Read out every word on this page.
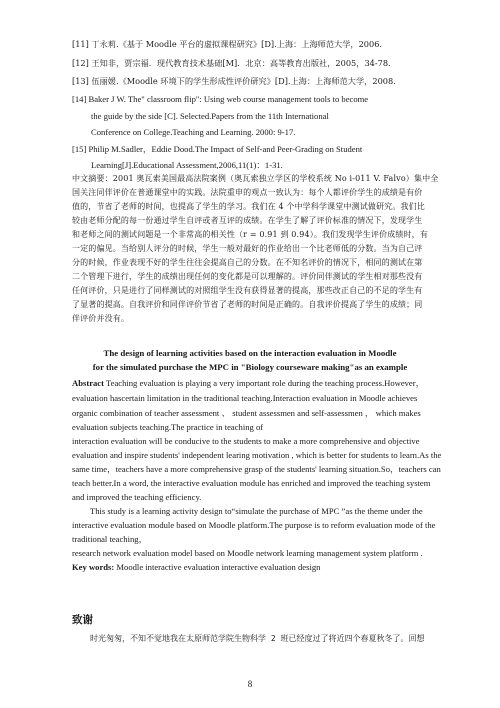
[11] 丁永莉.《基于 Moodle 平台的虚拟课程研究》[D].上海：上海师范大学，2006.
[12] 王知非，贾宗福．现代教育技术基础[M]．北京：高等教育出版社，2005，34-78.
[13] 伍丽媛.《Moodle 环境下的学生形成性评价研究》[D].上海：上海师范大学，2008.
[14] Baker J W. The" classroom flip": Using web course management tools to become
the guide by the side [C]. Selected.Papers from the 11th International
Conference on College.Teaching and Learning. 2000: 9-17.
[15] Philip M.Sadler，Eddie Dood.The Impact of Self-and Peer-Grading on Student
Learning[J].Educational Assessment,2006,11(1)：1-31.
中文摘要：2001 奥瓦索美国最高法院案例（奥瓦索独立学区的学校系统 No i-011 V. Falvo）集中全
国关注同伴评价在普通课堂中的实践。法院重申的观点一致认为：每个人都评价学生的成绩是有价
值的，节省了老师的时间，也提高了学生的学习。我们在 4 个中学科学课堂中测试做研究。我们比
较由老师分配的每一份通过学生自评或者互评的成绩。在学生了解了评价标准的情况下，发现学生
和老师之间的测试问题是一个非常高的相关性（r = 0.91 到 0.94）。我们发现学生评价成绩时，有
一定的偏见。当给别人评分的时候，学生一般对最好的作业给出一个比老师低的分数。当为自己评
分的时候，作业表现不好的学生往往会提高自己的分数。在不知名评价的情况下，相同的测试在第
二个管理下进行，学生的成绩出现任何的变化都是可以理解的。评价同伴测试的学生相对那些没有
任何评价，只是进行了同样测试的对照组学生没有获得显著的提高，那些改正自己的不足的学生有
了显著的提高。自我评价和同伴评价节省了老师的时间是正确的。自我评价提高了学生的成绩；同
伴评价并没有。
The design of learning activities based on the interaction evaluation in Moodle
for the simulated purchase the MPC in "Biology courseware making"as an example
Abstract Teaching evaluation is playing a very important role during the teaching process.However，
evaluation hascertain limitation in the traditional teaching.Interaction evaluation in Moodle achieves
organic combination of teacher assessment 、 student assessmen and self-assessmen ， which makes
evaluation subjects teaching.The practice in teaching of
interaction evaluation will be conducive to the students to make a more comprehensive and objective
evaluation and inspire students' independent learing motivation , which is better for students to learn.As the
same time，teachers have a more comprehensive grasp of the students' learning situation.So，teachers can
teach better.In a word, the interactive evaluation module has enriched and improved the teaching system
and improved the teaching efficiency.
This study is a learning activity design to“simulate the purchase of MPC ”as the theme under the
interactive evaluation module based on Moodle platform.The purpose is to reform evaluation mode of the
traditional teaching，
research network evaluation model based on Moodle network learning management system platform .
Key words: Moodle interactive evaluation interactive evaluation design
致谢
时光匆匆，不知不觉地我在太原师范学院生物科学 2 班已经度过了将近四个春夏秋冬了。回想
8
